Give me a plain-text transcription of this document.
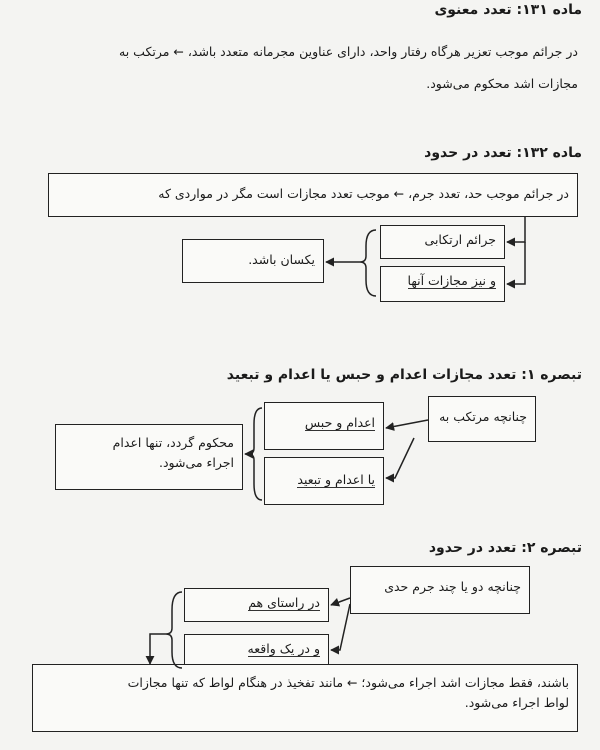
ماده ۱۳۱: تعدد معنوی
در جرائم موجب تعزیر هرگاه رفتار واحد، دارای عناوین مجرمانه متعدد باشد، ← مرتکب به
مجازات اشد محکوم می‌شود.
ماده ۱۳۲: تعدد در حدود
در جرائم موجب حد، تعدد جرم، ← موجب تعدد مجازات است مگر در مواردی که
جرائم ارتکابی
و نیز مجازات آنها
یکسان باشد.
تبصره ۱: تعدد مجازات اعدام و حبس یا اعدام و تبعید
چنانچه مرتکب به
اعدام و حبس
یا اعدام و تبعید
محکوم گردد، تنها اعدام
اجراء می‌شود.
تبصره ۲: تعدد در حدود
چنانچه دو یا چند جرم حدی
در راستای هم
و در یک واقعه
باشند، فقط مجازات اشد اجراء می‌شود؛ ← مانند تفخیذ در هنگام لواط که تنها مجازات
لواط اجراء می‌شود.
